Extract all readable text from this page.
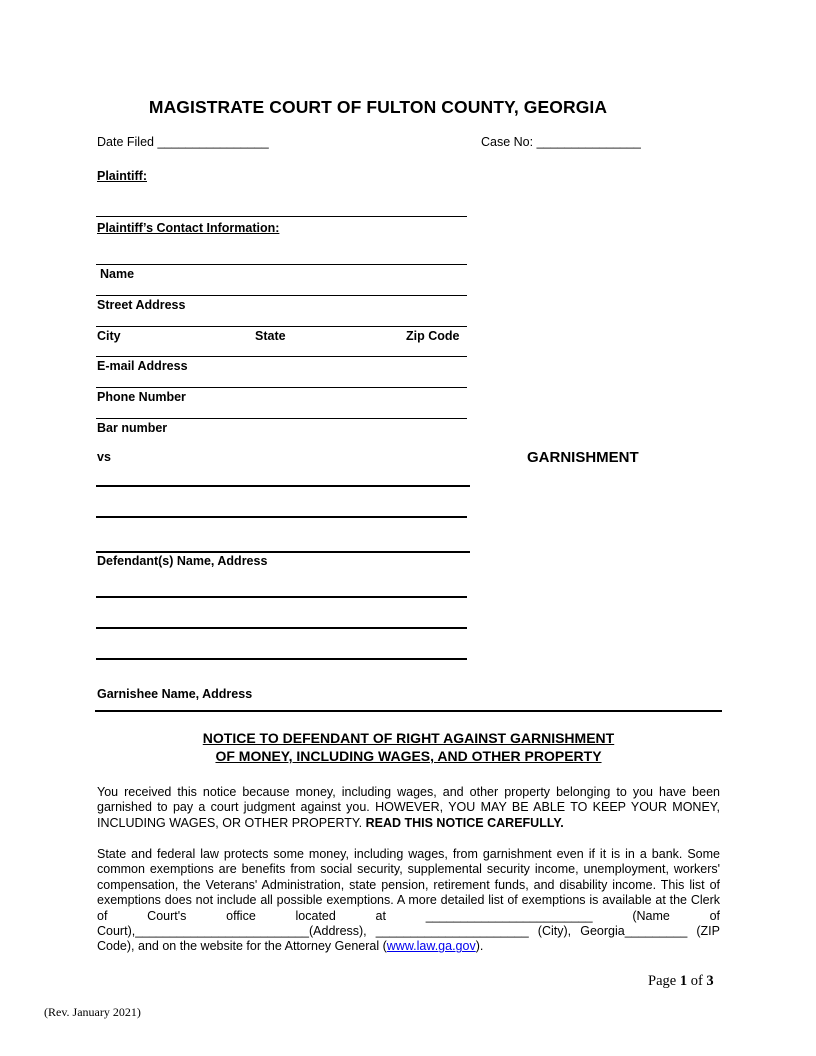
MAGISTRATE COURT OF FULTON COUNTY, GEORGIA
Date Filed ________________	Case No: _______________
Plaintiff:
Plaintiff’s Contact Information:
Name
Street Address
City	State	Zip Code
E-mail Address
Phone Number
Bar number
vs	GARNISHMENT
Defendant(s) Name, Address
Garnishee Name, Address
NOTICE TO DEFENDANT OF RIGHT AGAINST GARNISHMENT
OF MONEY, INCLUDING WAGES, AND OTHER PROPERTY
You received this notice because money, including wages, and other property belonging to you have been garnished to pay a court judgment against you. HOWEVER, YOU MAY BE ABLE TO KEEP YOUR MONEY, INCLUDING WAGES, OR OTHER PROPERTY. READ THIS NOTICE CAREFULLY.
State and federal law protects some money, including wages, from garnishment even if it is in a bank. Some common exemptions are benefits from social security, supplemental security income, unemployment, workers' compensation, the Veterans' Administration, state pension, retirement funds, and disability income. This list of exemptions does not include all possible exemptions. A more detailed list of exemptions is available at the Clerk of Court's office located at ________________________ (Name of Court),_________________________(Address), ______________________ (City), Georgia_________ (ZIP Code), and on the website for the Attorney General (www.law.ga.gov).
Page 1 of 3
(Rev. January 2021)
